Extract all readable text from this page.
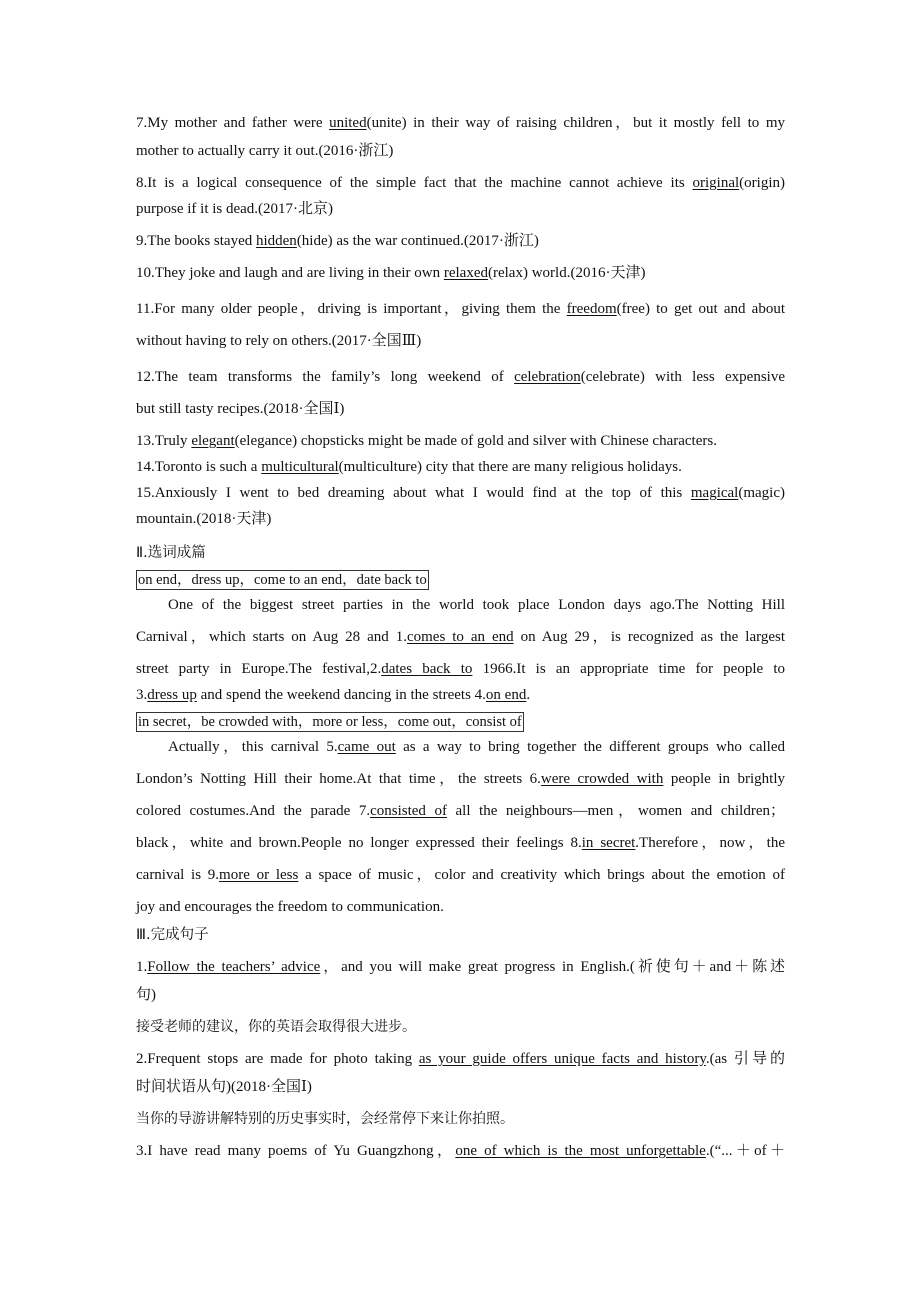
7.My mother and father were united(unite) in their way of raising children，but it mostly fell to my

mother to actually carry it out.(2016·浙江)

8.It is a logical consequence of the simple fact that the machine cannot achieve its original(origin)

purpose if it is dead.(2017·北京)

9.The books stayed hidden(hide) as the war continued.(2017·浙江)

10.They joke and laugh and are living in their own relaxed(relax) world.(2016·天津)

11.For many older people，driving is important，giving them the freedom(free) to get out and about

without having to rely on others.(2017·全国Ⅲ)

12.The team transforms the family’s long weekend of celebration(celebrate) with less expensive

but still tasty recipes.(2018·全国Ⅰ)

13.Truly elegant(elegance) chopsticks might be made of gold and silver with Chinese characters.

14.Toronto is such a multicultural(multiculture) city that there are many religious holidays.

15.Anxiously I went to bed dreaming about what I would find at the top of this magical(magic)

mountain.(2018·天津)

Ⅱ.选词成篇
on end，dress up，come to an end，date back to

One of the biggest street parties in the world took place London days ago.The Notting Hill

Carnival，which starts on Aug 28 and 1.comes to an end on Aug 29，is recognized as the largest

street party in Europe.The festival,2.dates back to 1966.It is an appropriate time for people to

3.dress up and spend the weekend dancing in the streets 4.on end.

in secret，be crowded with，more or less，come out，consist of

Actually，this carnival 5.came out as a way to bring together the different groups who called

London’s Notting Hill their home.At that time，the streets 6.were crowded with people in brightly

colored costumes.And the parade 7.consisted of all the neighbours—men，women and children；

black，white and brown.People no longer expressed their feelings 8.in secret.Therefore，now，the

carnival is 9.more or less a space of music，color and creativity which brings about the emotion of

joy and encourages the freedom to communication.

Ⅲ.完成句子

1.Follow the teachers’ advice，and you will make great progress in English.(祈使句＋and＋陈述

句)

接受老师的建议，你的英语会取得很大进步。

2.Frequent stops are made for photo taking as your guide offers unique facts and history.(as 引导的

时间状语从句)(2018·全国Ⅰ)

当你的导游讲解特别的历史事实时，会经常停下来让你拍照。

3.I have read many poems of Yu Guangzhong，one of which is the most unforgettable.(“...＋of＋
